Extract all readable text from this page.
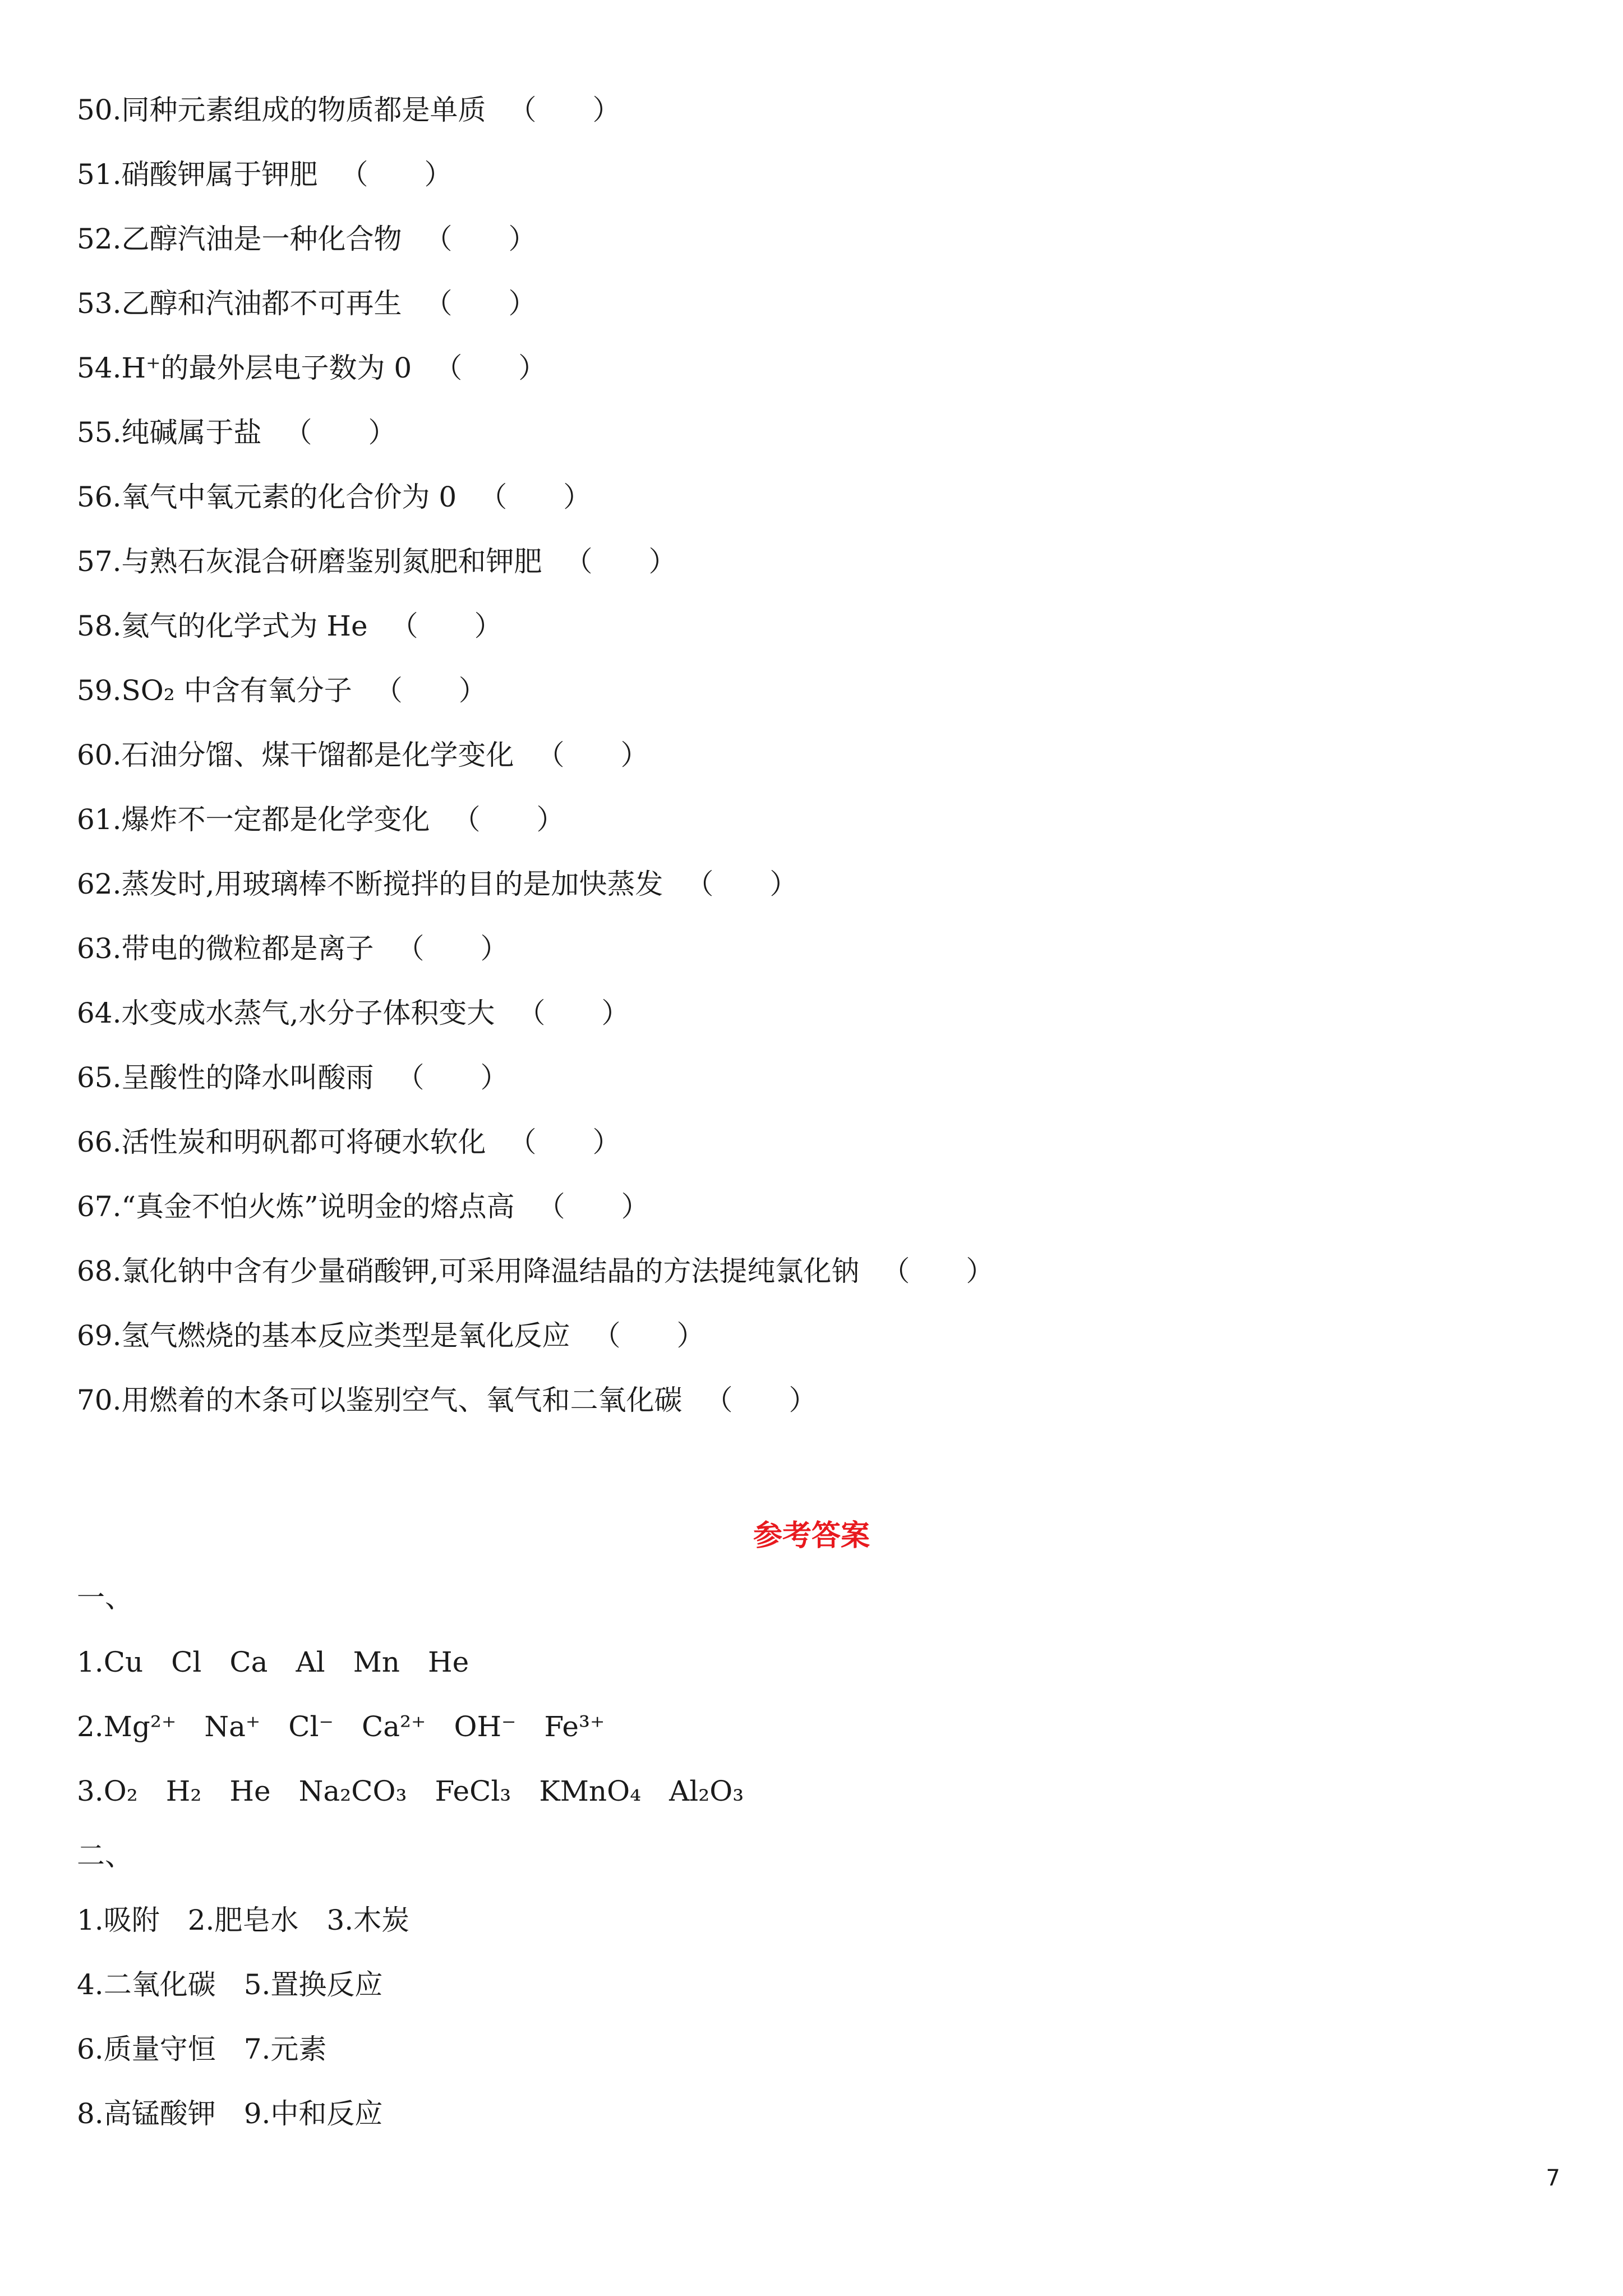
50.同种元素组成的物质都是单质 （　　）
51.硝酸钾属于钾肥 （　　）
52.乙醇汽油是一种化合物 （　　）
53.乙醇和汽油都不可再生 （　　）
54.H⁺的最外层电子数为 0 （　　）
55.纯碱属于盐 （　　）
56.氧气中氧元素的化合价为 0 （　　）
57.与熟石灰混合研磨鉴别氮肥和钾肥 （　　）
58.氦气的化学式为 He （　　）
59.SO₂ 中含有氧分子 （　　）
60.石油分馏、煤干馏都是化学变化 （　　）
61.爆炸不一定都是化学变化 （　　）
62.蒸发时,用玻璃棒不断搅拌的目的是加快蒸发 （　　）
63.带电的微粒都是离子 （　　）
64.水变成水蒸气,水分子体积变大 （　　）
65.呈酸性的降水叫酸雨 （　　）
66.活性炭和明矾都可将硬水软化 （　　）
67.“真金不怕火炼”说明金的熔点高 （　　）
68.氯化钠中含有少量硝酸钾,可采用降温结晶的方法提纯氯化钠 （　　）
69.氢气燃烧的基本反应类型是氧化反应 （　　）
70.用燃着的木条可以鉴别空气、氧气和二氧化碳 （　　）
参考答案
一、
1.Cu Cl Ca Al Mn He
2.Mg²⁺ Na⁺ Cl⁻ Ca²⁺ OH⁻ Fe³⁺
3.O₂ H₂ He Na₂CO₃ FeCl₃ KMnO₄ Al₂O₃
二、
1.吸附 2.肥皂水 3.木炭
4.二氧化碳 5.置换反应
6.质量守恒 7.元素
8.高锰酸钾 9.中和反应
7
